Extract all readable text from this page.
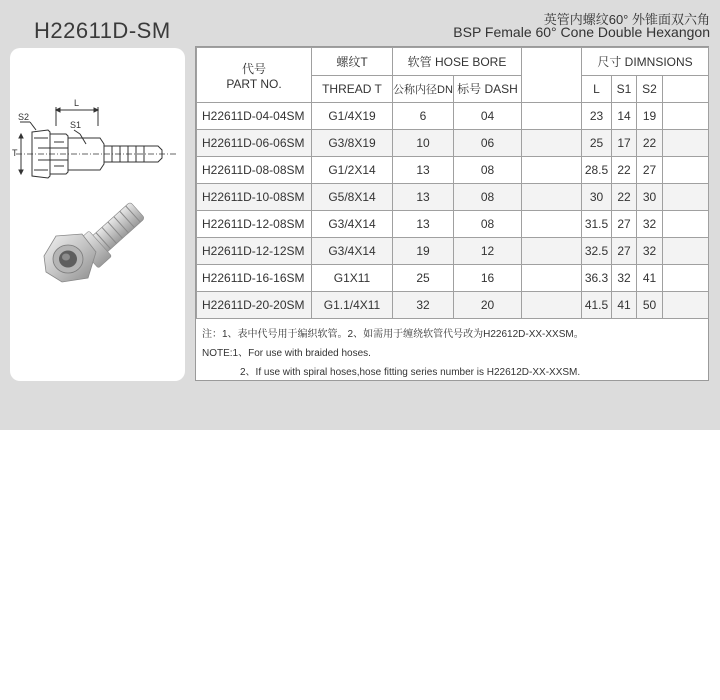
H22611D-SM	英管内螺纹60° 外锥面双六角
BSP Female 60° Cone Double Hexangon
S2
S1
L
T
代号
PART NO.	螺纹T	软管 HOSE BORE			尺寸 DIMNSIONS			
	THREAD T	公称内径DN	标号 DASH		L	S1	S2	
H22611D-04-04SM	G1/4X19	6	04		23	14	19	
H22611D-06-06SM	G3/8X19	10	06		25	17	22	
H22611D-08-08SM	G1/2X14	13	08		28.5	22	27	
H22611D-10-08SM	G5/8X14	13	08		30	22	30	
H22611D-12-08SM	G3/4X14	13	08		31.5	27	32	
H22611D-12-12SM	G3/4X14	19	12		32.5	27	32	
H22611D-16-16SM	G1X11	25	16		36.3	32	41	
H22611D-20-20SM	G1.1/4X11	32	20		41.5	41	50	
注：1、表中代号用于编织软管。2、如需用于缠绕软管代号改为H22612D-XX-XXSM。
NOTE:1、For use with braided hoses.
2、If use with spiral hoses,hose fitting series number is H22612D-XX-XXSM.
